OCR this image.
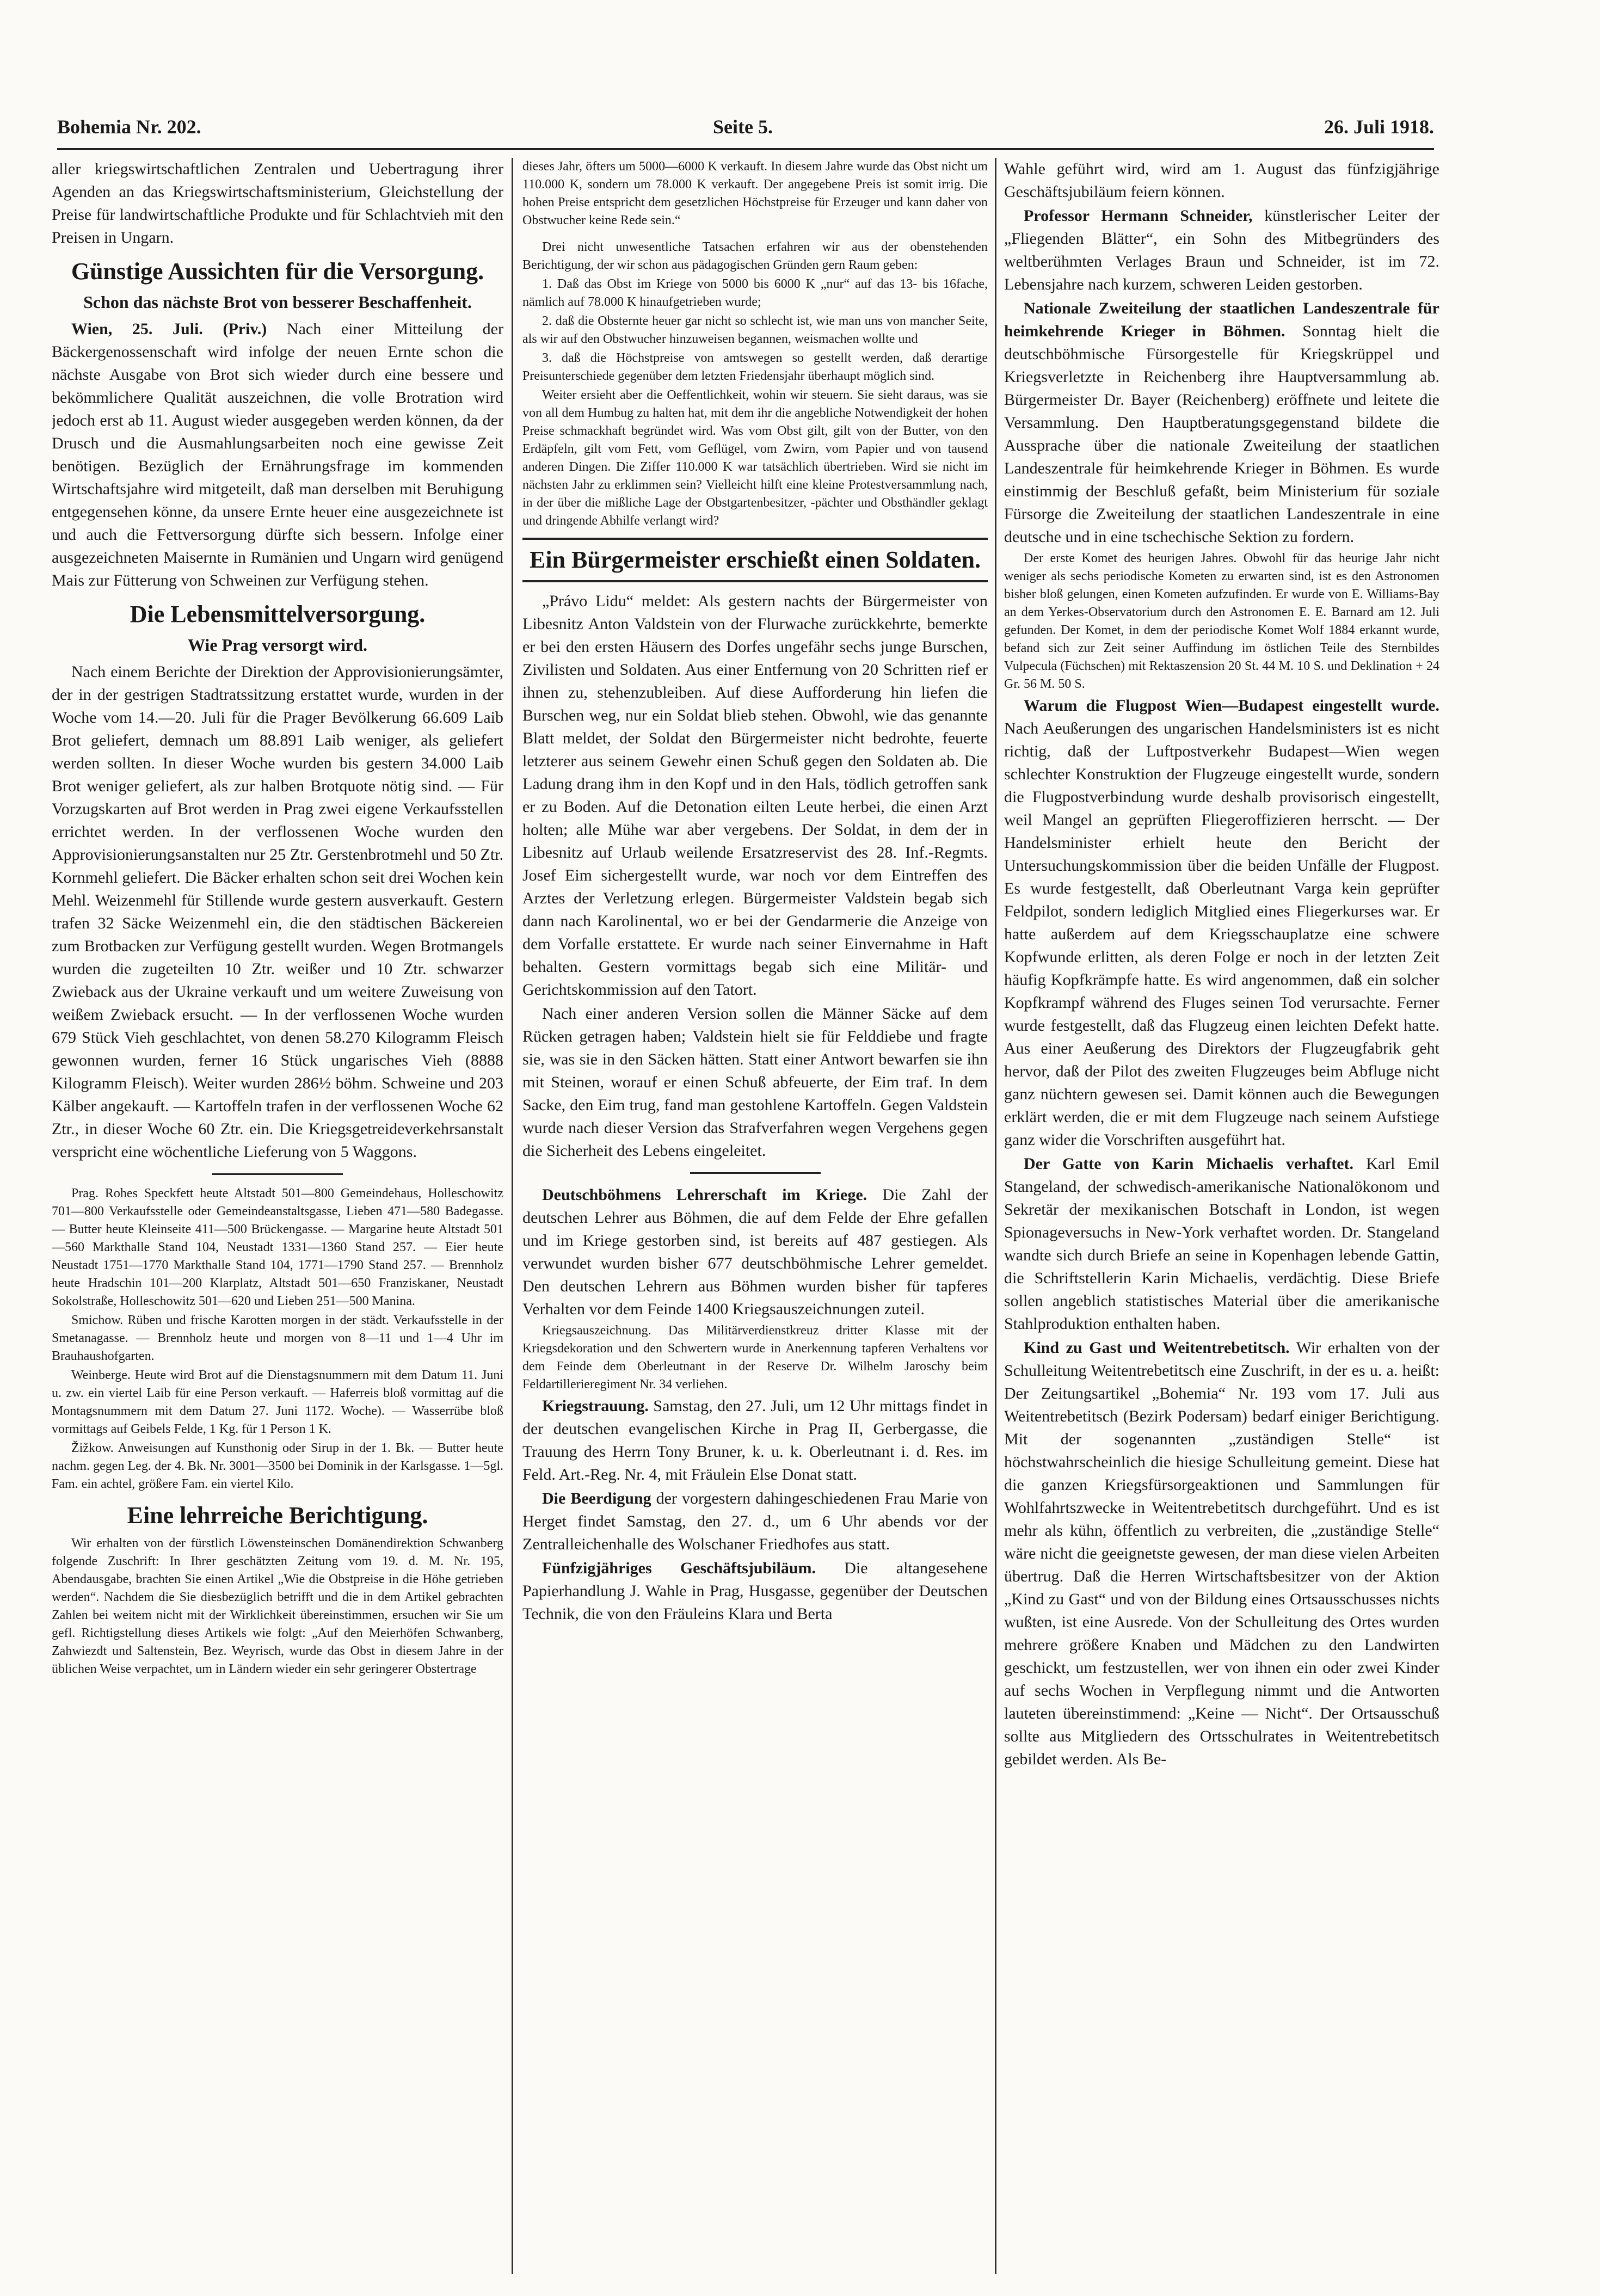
Bohemia Nr. 202.	Seite 5.	26. Juli 1918.

aller kriegswirtschaftlichen Zentralen und Uebertragung ihrer Agenden an das Kriegswirtschaftsministerium, Gleichstellung der Preise für landwirtschaftliche Produkte und für Schlachtvieh mit den Preisen in Ungarn.

Günstige Aussichten für die Versorgung.
Schon das nächste Brot von besserer Beschaffenheit.

Wien, 25. Juli. (Priv.) Nach einer Mitteilung der Bäckergenossenschaft wird infolge der neuen Ernte schon die nächste Ausgabe von Brot sich wieder durch eine bessere und bekömmlichere Qualität auszeichnen, die volle Brotration wird jedoch erst ab 11. August wieder ausgegeben werden können, da der Drusch und die Ausmahlungsarbeiten noch eine gewisse Zeit benötigen. Bezüglich der Ernährungsfrage im kommenden Wirtschaftsjahre wird mitgeteilt, daß man derselben mit Beruhigung entgegensehen könne, da unsere Ernte heuer eine ausgezeichnete ist und auch die Fettversorgung dürfte sich bessern. Infolge einer ausgezeichneten Maisernte in Rumänien und Ungarn wird genügend Mais zur Fütterung von Schweinen zur Verfügung stehen.

Die Lebensmittelversorgung.
Wie Prag versorgt wird.

Nach einem Berichte der Direktion der Approvisionierungsämter, der in der gestrigen Stadtratssitzung erstattet wurde, wurden in der Woche vom 14.—20. Juli für die Prager Bevölkerung 66.609 Laib Brot geliefert, demnach um 88.891 Laib weniger, als geliefert werden sollten. In dieser Woche wurden bis gestern 34.000 Laib Brot weniger geliefert, als zur halben Brotquote nötig sind. — Für Vorzugskarten auf Brot werden in Prag zwei eigene Verkaufsstellen errichtet werden. In der verflossenen Woche wurden den Approvisionierungsanstalten nur 25 Ztr. Gerstenbrotmehl und 50 Ztr. Kornmehl geliefert. Die Bäcker erhalten schon seit drei Wochen kein Mehl. Weizenmehl für Stillende wurde gestern ausverkauft. Gestern trafen 32 Säcke Weizenmehl ein, die den städtischen Bäckereien zum Brotbacken zur Verfügung gestellt wurden. Wegen Brotmangels wurden die zugeteilten 10 Ztr. weißer und 10 Ztr. schwarzer Zwieback aus der Ukraine verkauft und um weitere Zuweisung von weißem Zwieback ersucht. — In der verflossenen Woche wurden 679 Stück Vieh geschlachtet, von denen 58.270 Kilogramm Fleisch gewonnen wurden, ferner 16 Stück ungarisches Vieh (8888 Kilogramm Fleisch). Weiter wurden 286½ böhm. Schweine und 203 Kälber angekauft. — Kartoffeln trafen in der verflossenen Woche 62 Ztr., in dieser Woche 60 Ztr. ein. Die Kriegsgetreideverkehrsanstalt verspricht eine wöchentliche Lieferung von 5 Waggons.

Prag. Rohes Speckfett heute Altstadt 501—800 Gemeindehaus, Holleschowitz 701—800 Verkaufsstelle oder Gemeindeanstaltsgasse, Lieben 471—580 Badegasse. — Butter heute Kleinseite 411—500 Brückengasse. — Margarine heute Altstadt 501—560 Markthalle Stand 104, Neustadt 1331—1360 Stand 257. — Eier heute Neustadt 1751—1770 Markthalle Stand 104, 1771—1790 Stand 257. — Brennholz heute Hradschin 101—200 Klarplatz, Altstadt 501—650 Franziskaner, Neustadt Sokolstraße, Holleschowitz 501—620 und Lieben 251—500 Manina.

Smichow. Rüben und frische Karotten morgen in der städt. Verkaufsstelle in der Smetanagasse. — Brennholz heute und morgen von 8—11 und 1—4 Uhr im Brauhaushofgarten.

Weinberge. Heute wird Brot auf die Dienstagsnummern mit dem Datum 11. Juni u. zw. ein viertel Laib für eine Person verkauft. — Haferreis bloß vormittag auf die Montagsnummern mit dem Datum 27. Juni 1172. Woche). — Wasserrübe bloß vormittags auf Geibels Felde, 1 Kg. für 1 Person 1 K.

Žižkow. Anweisungen auf Kunsthonig oder Sirup in der 1. Bk. — Butter heute nachm. gegen Leg. der 4. Bk. Nr. 3001—3500 bei Dominik in der Karlsgasse. 1—5gl. Fam. ein achtel, größere Fam. ein viertel Kilo.

Eine lehrreiche Berichtigung.

Wir erhalten von der fürstlich Löwensteinschen Domänendirektion Schwanberg folgende Zuschrift: In Ihrer geschätzten Zeitung vom 19. d. M. Nr. 195, Abendausgabe, brachten Sie einen Artikel „Wie die Obstpreise in die Höhe getrieben werden“. Nachdem die Sie diesbezüglich betrifft und die in dem Artikel gebrachten Zahlen bei weitem nicht mit der Wirklichkeit übereinstimmen, ersuchen wir Sie um gefl. Richtigstellung dieses Artikels wie folgt: „Auf den Meierhöfen Schwanberg, Zahwiezdt und Saltenstein, Bez. Weyrisch, wurde das Obst in diesem Jahre in der üblichen Weise verpachtet, um in Ländern wieder ein sehr geringerer Obstertrage

dieses Jahr, öfters um 5000—6000 K verkauft. In diesem Jahre wurde das Obst nicht um 110.000 K, sondern um 78.000 K verkauft. Der angegebene Preis ist somit irrig. Die hohen Preise entspricht dem gesetzlichen Höchstpreise für Erzeuger und kann daher von Obstwucher keine Rede sein.“

Drei nicht unwesentliche Tatsachen erfahren wir aus der obenstehenden Berichtigung, der wir schon aus pädagogischen Gründen gern Raum geben:

1. Daß das Obst im Kriege von 5000 bis 6000 K „nur“ auf das 13- bis 16fache, nämlich auf 78.000 K hinaufgetrieben wurde;

2. daß die Obsternte heuer gar nicht so schlecht ist, wie man uns von mancher Seite, als wir auf den Obstwucher hinzuweisen begannen, weismachen wollte und

3. daß die Höchstpreise von amtswegen so gestellt werden, daß derartige Preisunterschiede gegenüber dem letzten Friedensjahr überhaupt möglich sind.

Weiter ersieht aber die Oeffentlichkeit, wohin wir steuern. Sie sieht daraus, was sie von all dem Humbug zu halten hat, mit dem ihr die angebliche Notwendigkeit der hohen Preise schmackhaft begründet wird. Was vom Obst gilt, gilt von der Butter, von den Erdäpfeln, gilt vom Fett, vom Geflügel, vom Zwirn, vom Papier und von tausend anderen Dingen. Die Ziffer 110.000 K war tatsächlich übertrieben. Wird sie nicht im nächsten Jahr zu erklimmen sein? Vielleicht hilft eine kleine Protestversammlung nach, in der über die mißliche Lage der Obstgartenbesitzer, -pächter und Obsthändler geklagt und dringende Abhilfe verlangt wird?

Ein Bürgermeister erschießt einen Soldaten.

„Právo Lidu“ meldet: Als gestern nachts der Bürgermeister von Libesnitz Anton Valdstein von der Flurwache zurückkehrte, bemerkte er bei den ersten Häusern des Dorfes ungefähr sechs junge Burschen, Zivilisten und Soldaten. Aus einer Entfernung von 20 Schritten rief er ihnen zu, stehenzubleiben. Auf diese Aufforderung hin liefen die Burschen weg, nur ein Soldat blieb stehen. Obwohl, wie das genannte Blatt meldet, der Soldat den Bürgermeister nicht bedrohte, feuerte letzterer aus seinem Gewehr einen Schuß gegen den Soldaten ab. Die Ladung drang ihm in den Kopf und in den Hals, tödlich getroffen sank er zu Boden. Auf die Detonation eilten Leute herbei, die einen Arzt holten; alle Mühe war aber vergebens. Der Soldat, in dem der in Libesnitz auf Urlaub weilende Ersatzreservist des 28. Inf.-Regmts. Josef Eim sichergestellt wurde, war noch vor dem Eintreffen des Arztes der Verletzung erlegen. Bürgermeister Valdstein begab sich dann nach Karolinental, wo er bei der Gendarmerie die Anzeige von dem Vorfalle erstattete. Er wurde nach seiner Einvernahme in Haft behalten. Gestern vormittags begab sich eine Militär- und Gerichtskommission auf den Tatort.

Nach einer anderen Version sollen die Männer Säcke auf dem Rücken getragen haben; Valdstein hielt sie für Felddiebe und fragte sie, was sie in den Säcken hätten. Statt einer Antwort bewarfen sie ihn mit Steinen, worauf er einen Schuß abfeuerte, der Eim traf. In dem Sacke, den Eim trug, fand man gestohlene Kartoffeln. Gegen Valdstein wurde nach dieser Version das Strafverfahren wegen Vergehens gegen die Sicherheit des Lebens eingeleitet.

Deutschböhmens Lehrerschaft im Kriege. Die Zahl der deutschen Lehrer aus Böhmen, die auf dem Felde der Ehre gefallen und im Kriege gestorben sind, ist bereits auf 487 gestiegen. Als verwundet wurden bisher 677 deutschböhmische Lehrer gemeldet. Den deutschen Lehrern aus Böhmen wurden bisher für tapferes Verhalten vor dem Feinde 1400 Kriegsauszeichnungen zuteil.

Kriegsauszeichnung. Das Militärverdienstkreuz dritter Klasse mit der Kriegsdekoration und den Schwertern wurde in Anerkennung tapferen Verhaltens vor dem Feinde dem Oberleutnant in der Reserve Dr. Wilhelm Jaroschy beim Feldartillerieregiment Nr. 34 verliehen.

Kriegstrauung. Samstag, den 27. Juli, um 12 Uhr mittags findet in der deutschen evangelischen Kirche in Prag II, Gerbergasse, die Trauung des Herrn Tony Bruner, k. u. k. Oberleutnant i. d. Res. im Feld. Art.-Reg. Nr. 4, mit Fräulein Else Donat statt.

Die Beerdigung der vorgestern dahingeschiedenen Frau Marie von Herget findet Samstag, den 27. d., um 6 Uhr abends vor der Zentralleichenhalle des Wolschaner Friedhofes aus statt.

Fünfzigjähriges Geschäftsjubiläum. Die altangesehene Papierhandlung J. Wahle in Prag, Husgasse, gegenüber der Deutschen Technik, die von den Fräuleins Klara und Berta

Wahle geführt wird, wird am 1. August das fünfzigjährige Geschäftsjubiläum feiern können.

Professor Hermann Schneider, künstlerischer Leiter der „Fliegenden Blätter“, ein Sohn des Mitbegründers des weltberühmten Verlages Braun und Schneider, ist im 72. Lebensjahre nach kurzem, schweren Leiden gestorben.

Nationale Zweiteilung der staatlichen Landeszentrale für heimkehrende Krieger in Böhmen. Sonntag hielt die deutschböhmische Fürsorgestelle für Kriegskrüppel und Kriegsverletzte in Reichenberg ihre Hauptversammlung ab. Bürgermeister Dr. Bayer (Reichenberg) eröffnete und leitete die Versammlung. Den Hauptberatungsgegenstand bildete die Aussprache über die nationale Zweiteilung der staatlichen Landeszentrale für heimkehrende Krieger in Böhmen. Es wurde einstimmig der Beschluß gefaßt, beim Ministerium für soziale Fürsorge die Zweiteilung der staatlichen Landeszentrale in eine deutsche und in eine tschechische Sektion zu fordern.

Der erste Komet des heurigen Jahres. Obwohl für das heurige Jahr nicht weniger als sechs periodische Kometen zu erwarten sind, ist es den Astronomen bisher bloß gelungen, einen Kometen aufzufinden. Er wurde von E. Williams-Bay an dem Yerkes-Observatorium durch den Astronomen E. E. Barnard am 12. Juli gefunden. Der Komet, in dem der periodische Komet Wolf 1884 erkannt wurde, befand sich zur Zeit seiner Auffindung im östlichen Teile des Sternbildes Vulpecula (Füchschen) mit Rektaszension 20 St. 44 M. 10 S. und Deklination + 24 Gr. 56 M. 50 S.

Warum die Flugpost Wien—Budapest eingestellt wurde. Nach Aeußerungen des ungarischen Handelsministers ist es nicht richtig, daß der Luftpostverkehr Budapest—Wien wegen schlechter Konstruktion der Flugzeuge eingestellt wurde, sondern die Flugpostverbindung wurde deshalb provisorisch eingestellt, weil Mangel an geprüften Fliegeroffizieren herrscht. — Der Handelsminister erhielt heute den Bericht der Untersuchungskommission über die beiden Unfälle der Flugpost. Es wurde festgestellt, daß Oberleutnant Varga kein geprüfter Feldpilot, sondern lediglich Mitglied eines Fliegerkurses war. Er hatte außerdem auf dem Kriegsschauplatze eine schwere Kopfwunde erlitten, als deren Folge er noch in der letzten Zeit häufig Kopfkrämpfe hatte. Es wird angenommen, daß ein solcher Kopfkrampf während des Fluges seinen Tod verursachte. Ferner wurde festgestellt, daß das Flugzeug einen leichten Defekt hatte. Aus einer Aeußerung des Direktors der Flugzeugfabrik geht hervor, daß der Pilot des zweiten Flugzeuges beim Abfluge nicht ganz nüchtern gewesen sei. Damit können auch die Bewegungen erklärt werden, die er mit dem Flugzeuge nach seinem Aufstiege ganz wider die Vorschriften ausgeführt hat.

Der Gatte von Karin Michaelis verhaftet. Karl Emil Stangeland, der schwedisch-amerikanische Nationalökonom und Sekretär der mexikanischen Botschaft in London, ist wegen Spionageversuchs in New-York verhaftet worden. Dr. Stangeland wandte sich durch Briefe an seine in Kopenhagen lebende Gattin, die Schriftstellerin Karin Michaelis, verdächtig. Diese Briefe sollen angeblich statistisches Material über die amerikanische Stahlproduktion enthalten haben.

Kind zu Gast und Weitentrebetitsch. Wir erhalten von der Schulleitung Weitentrebetitsch eine Zuschrift, in der es u. a. heißt: Der Zeitungsartikel „Bohemia“ Nr. 193 vom 17. Juli aus Weitentrebetitsch (Bezirk Podersam) bedarf einiger Berichtigung. Mit der sogenannten „zuständigen Stelle“ ist höchstwahrscheinlich die hiesige Schulleitung gemeint. Diese hat die ganzen Kriegsfürsorgeaktionen und Sammlungen für Wohlfahrtszwecke in Weitentrebetitsch durchgeführt. Und es ist mehr als kühn, öffentlich zu verbreiten, die „zuständige Stelle“ wäre nicht die geeignetste gewesen, der man diese vielen Arbeiten übertrug. Daß die Herren Wirtschaftsbesitzer von der Aktion „Kind zu Gast“ und von der Bildung eines Ortsausschusses nichts wußten, ist eine Ausrede. Von der Schulleitung des Ortes wurden mehrere größere Knaben und Mädchen zu den Landwirten geschickt, um festzustellen, wer von ihnen ein oder zwei Kinder auf sechs Wochen in Verpflegung nimmt und die Antworten lauteten übereinstimmend: „Keine — Nicht“. Der Ortsausschuß sollte aus Mitgliedern des Ortsschulrates in Weitentrebetitsch gebildet werden. Als Be-
